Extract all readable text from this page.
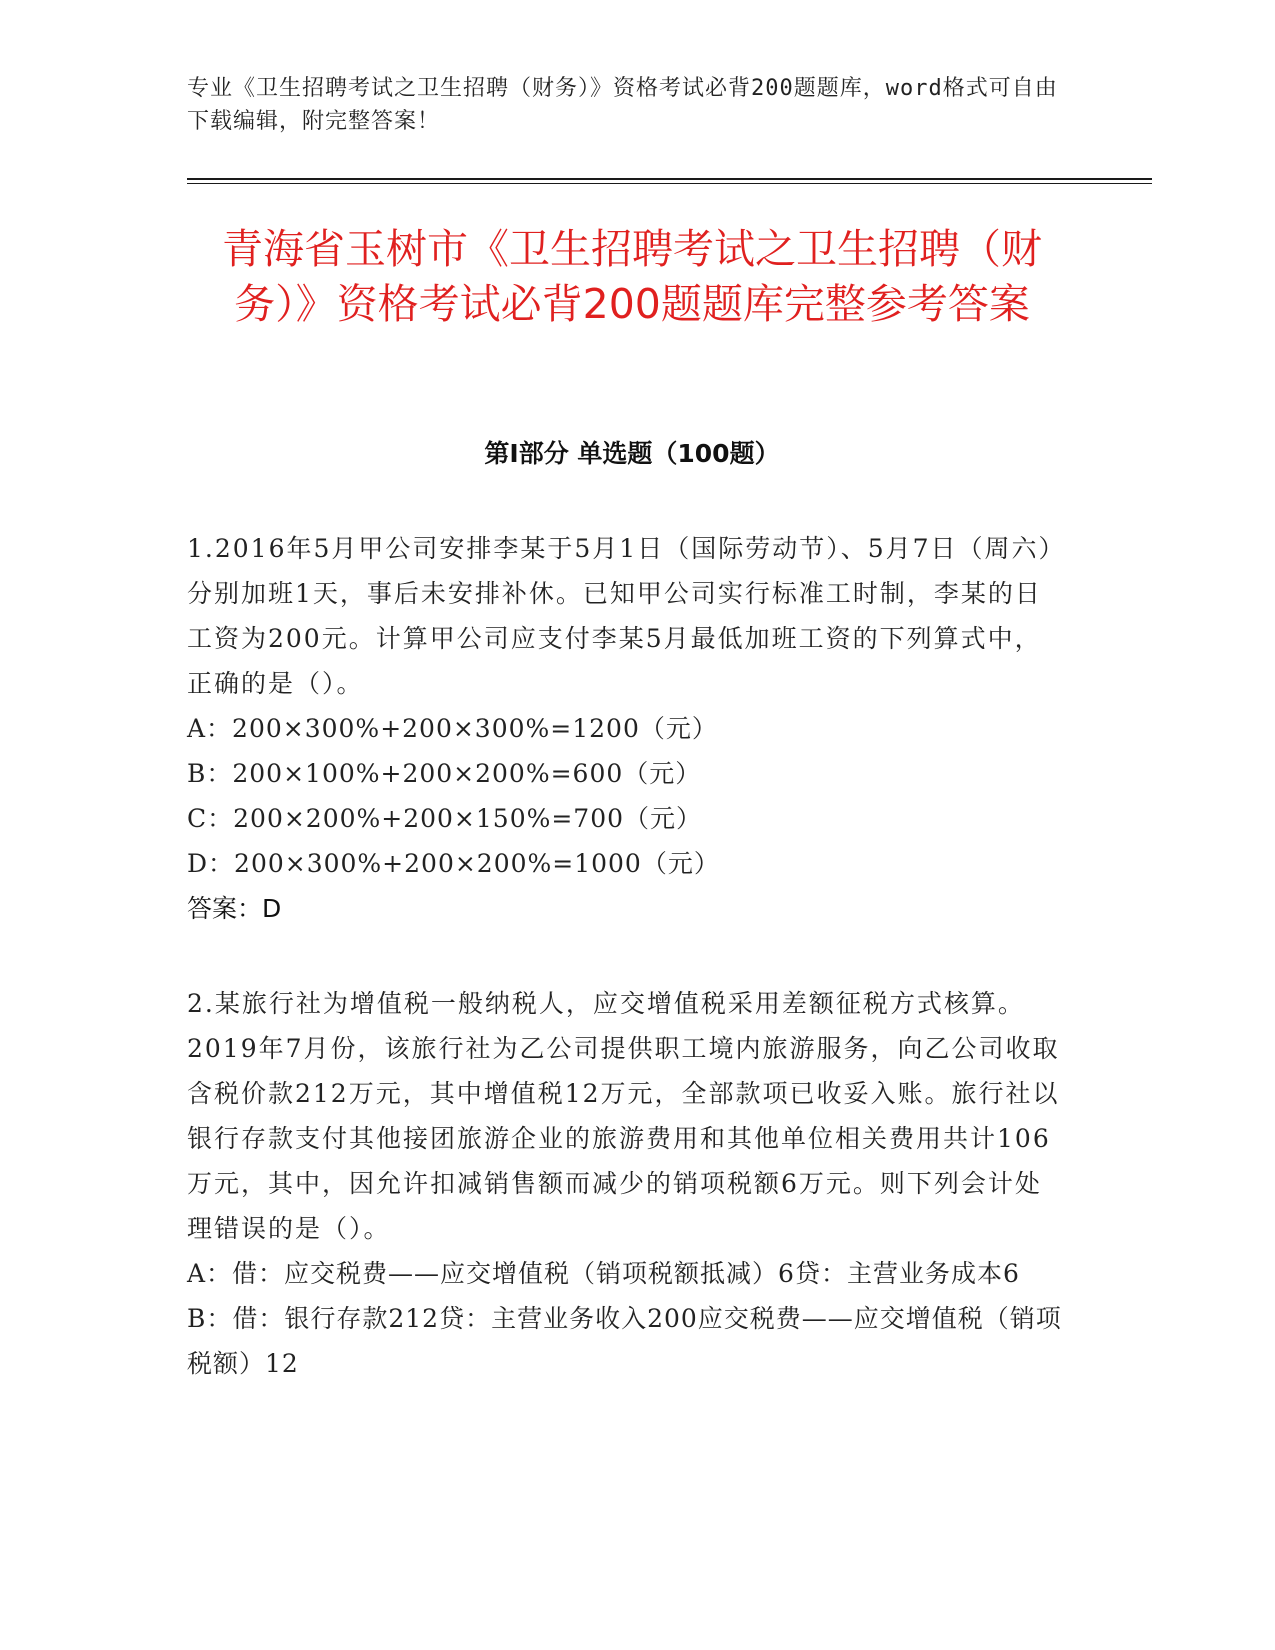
专业《卫生招聘考试之卫生招聘（财务）》资格考试必背200题题库，word格式可自由下载编辑，附完整答案！
青海省玉树市《卫生招聘考试之卫生招聘（财务）》资格考试必背200题题库完整参考答案
第Ⅰ部分 单选题（100题）

1.2016年5月甲公司安排李某于5月1日（国际劳动节）、5月7日（周六）分别加班1天，事后未安排补休。已知甲公司实行标准工时制，李某的日工资为200元。计算甲公司应支付李某5月最低加班工资的下列算式中，正确的是（）。

A：200×300%+200×300%=1200（元）

B：200×100%+200×200%=600（元）

C：200×200%+200×150%=700（元）

D：200×300%+200×200%=1000（元）

答案：D

2.某旅行社为增值税一般纳税人，应交增值税采用差额征税方式核算。2019年7月份，该旅行社为乙公司提供职工境内旅游服务，向乙公司收取含税价款212万元，其中增值税12万元，全部款项已收妥入账。旅行社以银行存款支付其他接团旅游企业的旅游费用和其他单位相关费用共计106万元，其中，因允许扣减销售额而减少的销项税额6万元。则下列会计处理错误的是（）。

A：借：应交税费——应交增值税（销项税额抵减）6贷：主营业务成本6

B：借：银行存款212贷：主营业务收入200应交税费——应交增值税（销项税额）12
